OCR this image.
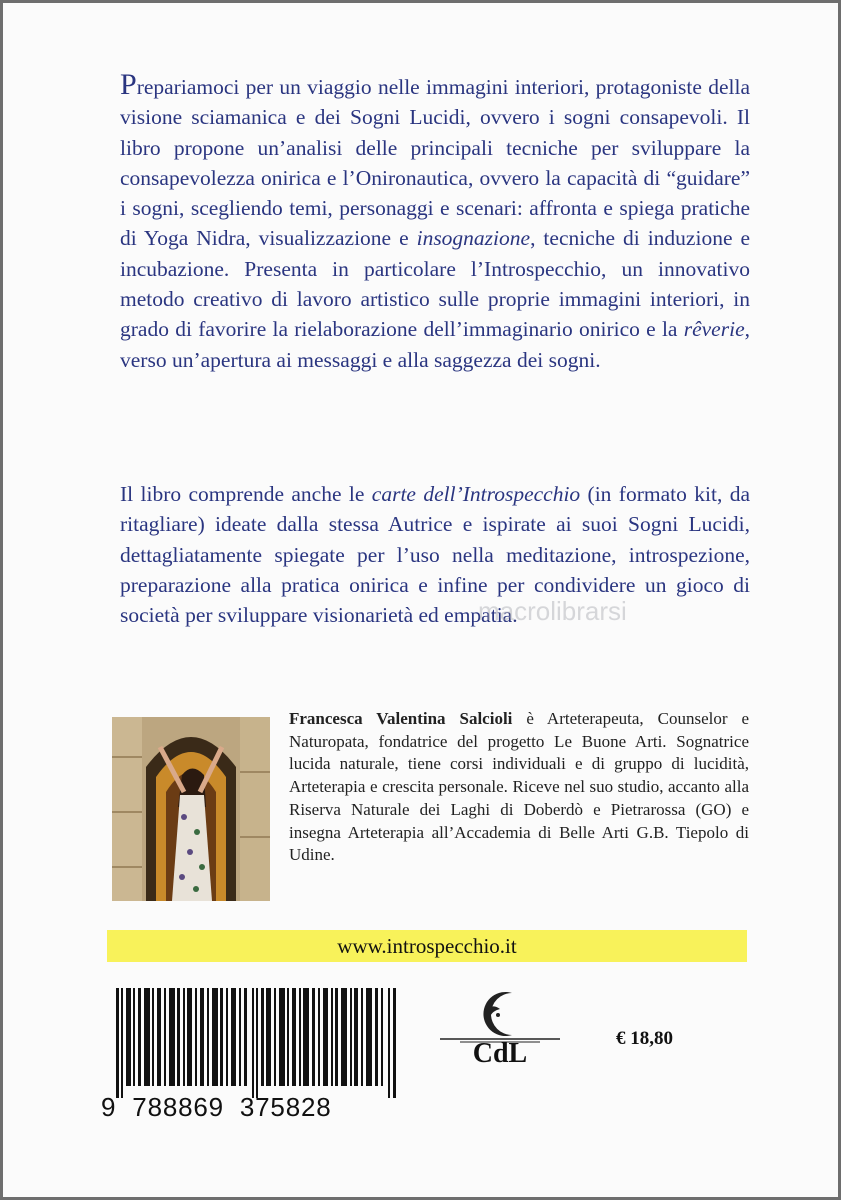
Prepariamoci per un viaggio nelle immagini interiori, protagoniste della visione sciamanica e dei Sogni Lucidi, ovvero i sogni consapevoli. Il libro propone un’analisi delle principali tecniche per sviluppare la consapevolezza onirica e l’Onironautica, ovvero la capacità di “guidare” i sogni, scegliendo temi, personaggi e scenari: affronta e spiega pratiche di Yoga Nidra, visualizzazione e insognazione, tecniche di induzione e incubazione. Presenta in particolare l’Introspecchio, un innovativo metodo creativo di lavoro artistico sulle proprie immagini interiori, in grado di favorire la rielaborazione dell’immaginario onirico e la rêverie, verso un’apertura ai messaggi e alla saggezza dei sogni.

Il libro comprende anche le carte dell’Introspecchio (in formato kit, da ritagliare) ideate dalla stessa Autrice e ispirate ai suoi Sogni Lucidi, dettagliatamente spiegate per l’uso nella meditazione, introspezione, preparazione alla pratica onirica e infine per condividere un gioco di società per sviluppare visionarietà ed empatia.

macrolibrarsi
Francesca Valentina Salcioli è Arteterapeuta, Counselor e Naturopata, fondatrice del progetto Le Buone Arti. Sognatrice lucida naturale, tiene corsi individuali e di gruppo di lucidità, Arteterapia e crescita personale. Riceve nel suo studio, accanto alla Riserva Naturale dei Laghi di Doberdò e Pietrarossa (GO) e insegna Arteterapia all’Accademia di Belle Arti G.B. Tiepolo di Udine.
www.introspecchio.it
9  788869  375828
CdL	€ 18,80
